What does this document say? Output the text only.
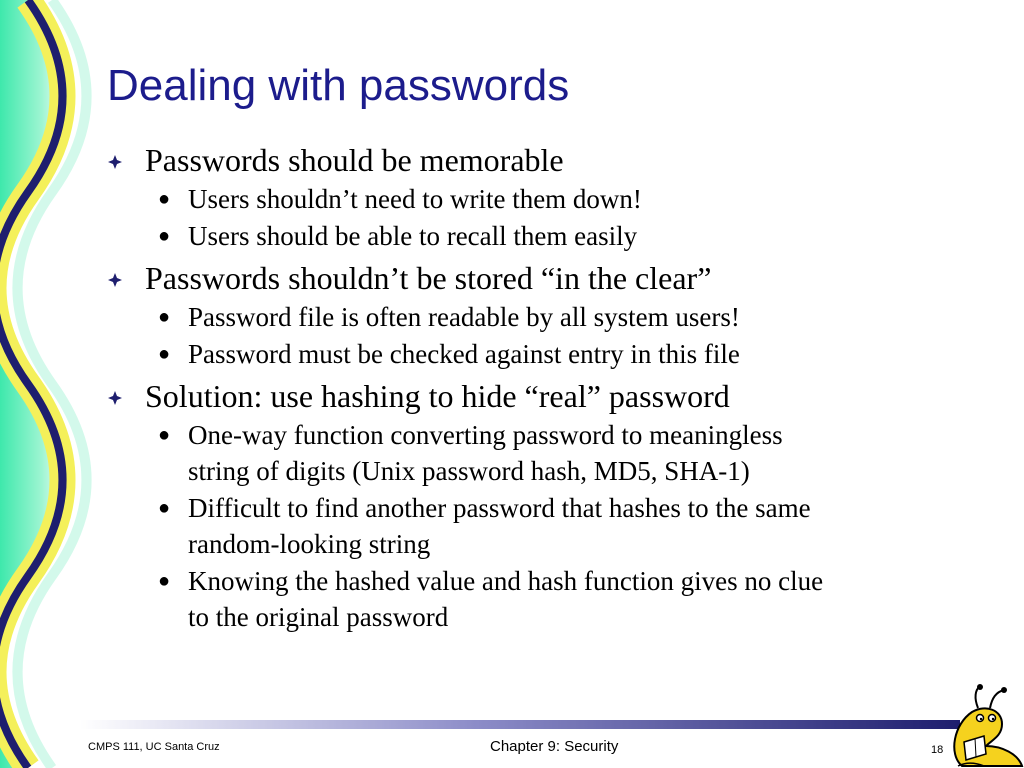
Dealing with passwords
Passwords should be memorable
● Users shouldn’t need to write them down!
● Users should be able to recall them easily
Passwords shouldn’t be stored “in the clear”
● Password file is often readable by all system users!
● Password must be checked against entry in this file
Solution: use hashing to hide “real” password
● One-way function converting password to meaningless
string of digits (Unix password hash, MD5, SHA-1)
● Difficult to find another password that hashes to the same
random-looking string
● Knowing the hashed value and hash function gives no clue
to the original password
CMPS 111, UC Santa Cruz	Chapter 9: Security	18
